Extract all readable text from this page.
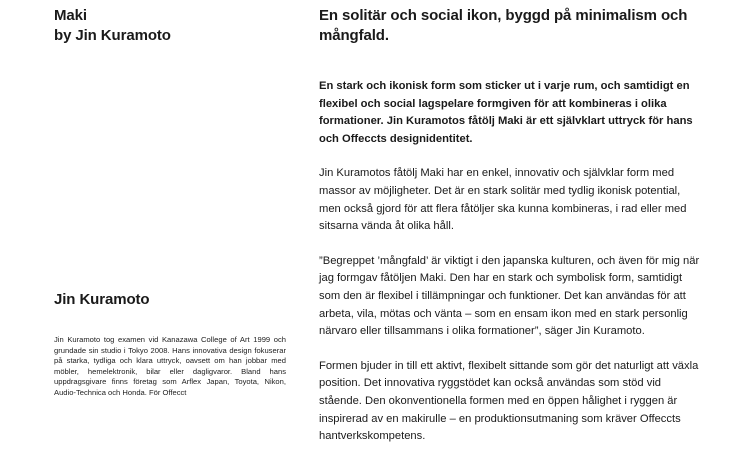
Maki
by Jin Kuramoto
Jin Kuramoto

Jin Kuramoto tog examen vid Kanazawa College of Art 1999 och grundade sin studio i Tokyo 2008. Hans innovativa design fokuserar på starka, tydliga och klara uttryck, oavsett om han jobbar med möbler, hemelektronik, bilar eller dagligvaror. Bland hans uppdragsgivare finns företag som Arflex Japan, Toyota, Nikon, Audio-Technica och Honda. För Offecct

En solitär och social ikon, byggd på minimalism och mångfald.

En stark och ikonisk form som sticker ut i varje rum, och samtidigt en flexibel och social lagspelare formgiven för att kombineras i olika formationer. Jin Kuramotos fåtölj Maki är ett självklart uttryck för hans och Offeccts designidentitet.

Jin Kuramotos fåtölj Maki har en enkel, innovativ och självklar form med massor av möjligheter. Det är en stark solitär med tydlig ikonisk potential, men också gjord för att flera fåtöljer ska kunna kombineras, i rad eller med sitsarna vända åt olika håll.

”Begreppet ’mångfald’ är viktigt i den japanska kulturen, och även för mig när jag formgav fåtöljen Maki. Den har en stark och symbolisk form, samtidigt som den är flexibel i tillämpningar och funktioner. Det kan användas för att arbeta, vila, mötas och vänta – som en ensam ikon med en stark personlig närvaro eller tillsammans i olika formationer”, säger Jin Kuramoto.

Formen bjuder in till ett aktivt, flexibelt sittande som gör det naturligt att växla position. Det innovativa ryggstödet kan också användas som stöd vid stående. Den okonventionella formen med en öppen hålighet i ryggen är inspirerad av en makirulle – en produktionsutmaning som kräver Offeccts hantverkskompetens.
